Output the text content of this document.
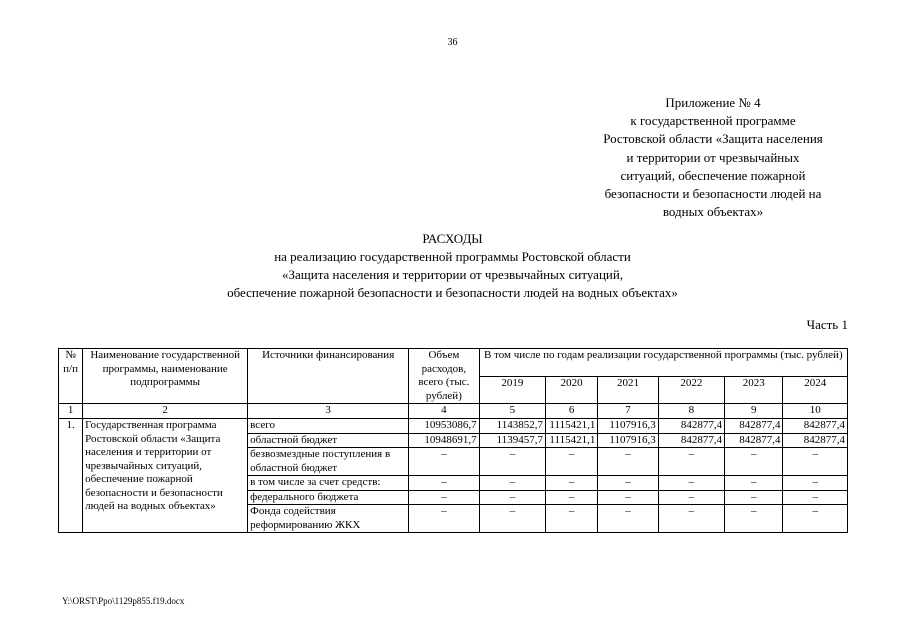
36
Приложение № 4
к государственной программе
Ростовской области «Защита населения
и территории от чрезвычайных
ситуаций, обеспечение пожарной
безопасности и безопасности людей на
водных объектах»
РАСХОДЫ
на реализацию государственной программы Ростовской области
«Защита населения и территории от чрезвычайных ситуаций,
обеспечение пожарной безопасности и безопасности людей на водных объектах»
Часть 1
№ п/п	Наименование государственной программы, наименование подпрограммы	Источники финансирования	Объем расходов, всего (тыс. рублей)	В том числе по годам реализации государственной программы (тыс. рублей)					
				2019	2020	2021	2022	2023	2024
1	2	3	4	5	6	7	8	9	10
1.	Государственная программа Ростовской области «Защита населения и территории от чрезвычайных ситуаций, обеспечение пожарной безопасности и безопасности людей на водных объектах»	всего	10953086,7	1143852,7	1115421,1	1107916,3	842877,4	842877,4	842877,4
		областной бюджет	10948691,7	1139457,7	1115421,1	1107916,3	842877,4	842877,4	842877,4
		безвозмездные поступления в областной бюджет	–	–	–	–	–	–	–
		в том числе за счет средств:	–	–	–	–	–	–	–
		федерального бюджета	–	–	–	–	–	–	–
		Фонда содействия реформированию ЖКХ	–	–	–	–	–	–	–
Y:\ORST\Ppo\1129p855.f19.docx
